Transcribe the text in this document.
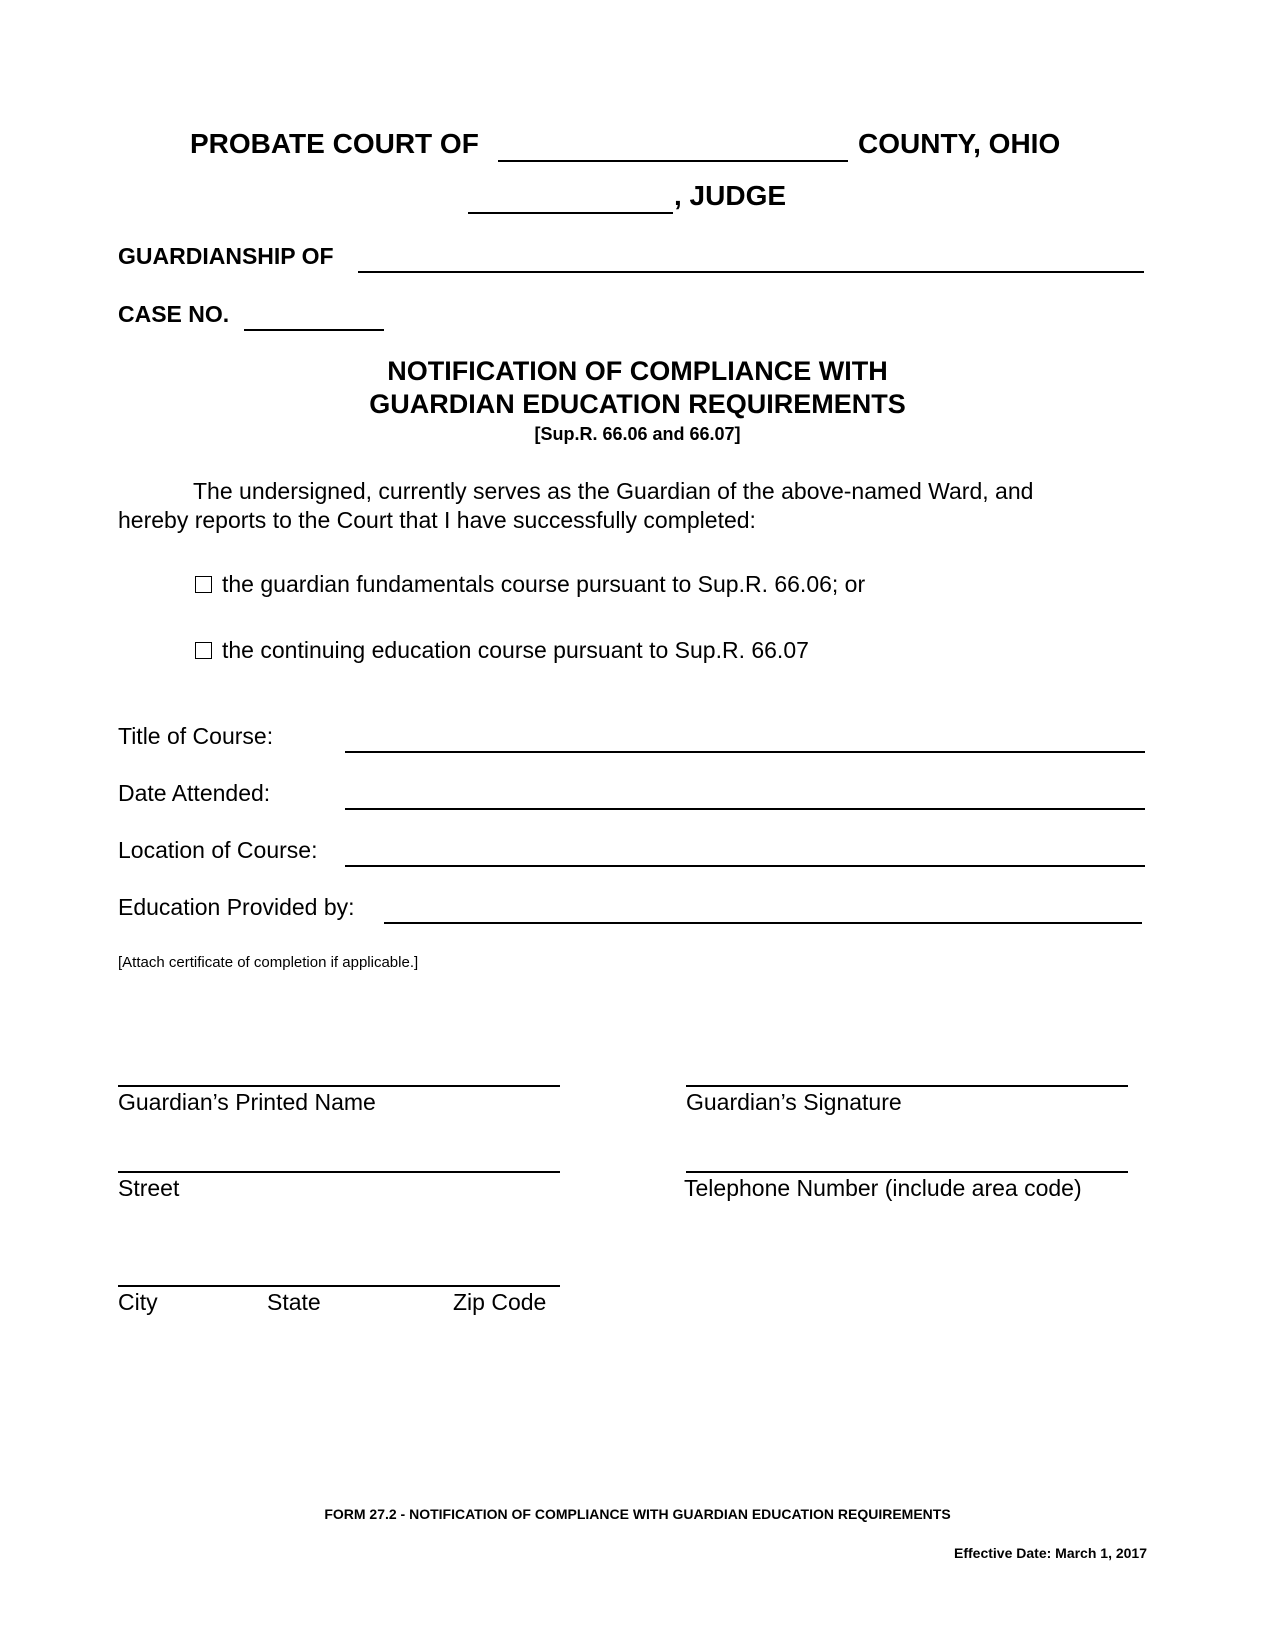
PROBATE COURT OF	COUNTY, OHIO
, JUDGE
GUARDIANSHIP OF
CASE NO.
NOTIFICATION OF COMPLIANCE WITH
GUARDIAN EDUCATION REQUIREMENTS
[Sup.R. 66.06 and 66.07]
The undersigned, currently serves as the Guardian of the above-named Ward, and
hereby reports to the Court that I have successfully completed:
the guardian fundamentals course pursuant to Sup.R. 66.06; or
the continuing education course pursuant to Sup.R. 66.07
Title of Course:
Date Attended:
Location of Course:
Education Provided by:
[Attach certificate of completion if applicable.]
Guardian’s Printed Name	Guardian’s Signature
Street	Telephone Number (include area code)
City	State	Zip Code
FORM 27.2 - NOTIFICATION OF COMPLIANCE WITH GUARDIAN EDUCATION REQUIREMENTS
Effective Date: March 1, 2017
